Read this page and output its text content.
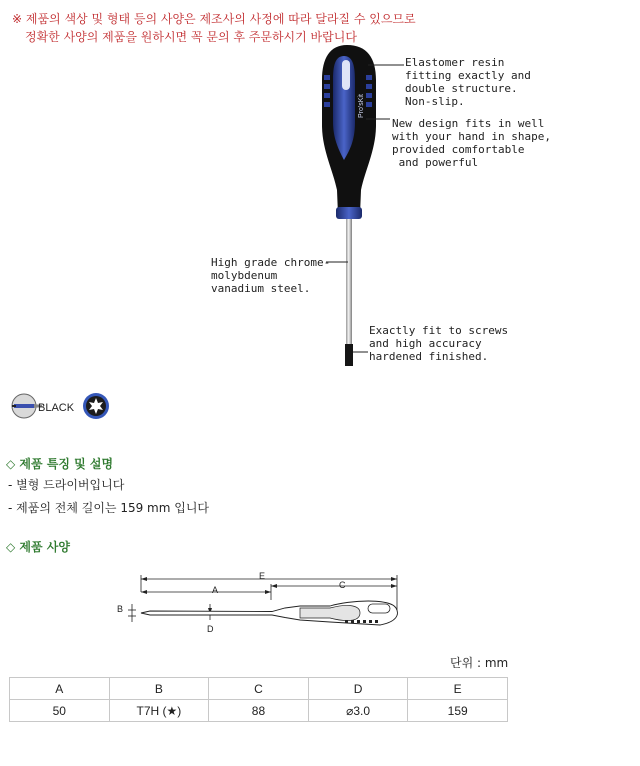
※ 제품의 색상 및 형태 등의 사양은 제조사의 사정에 따라 달라질 수 있으므로
정확한 사양의 제품을 원하시면 꼭 문의 후 주문하시기 바랍니다
Pro'sKit
Elastomer resin
fitting exactly and
double structure.
Non-slip.
New design fits in well
with your hand in shape,
provided comfortable
and powerful
High grade chrome-
molybdenum
vanadium steel.
Exactly fit to screws
and high accuracy
hardened finished.
BLACK
◇ 제품 특징 및 설명
- 별형 드라이버입니다
- 제품의 전체 길이는 159 mm 입니다
◇ 제품 사양
E
A	C
B
D
단위 : mm
A	B	C	D	E
50	T7H (★)	88	⌀3.0	159
